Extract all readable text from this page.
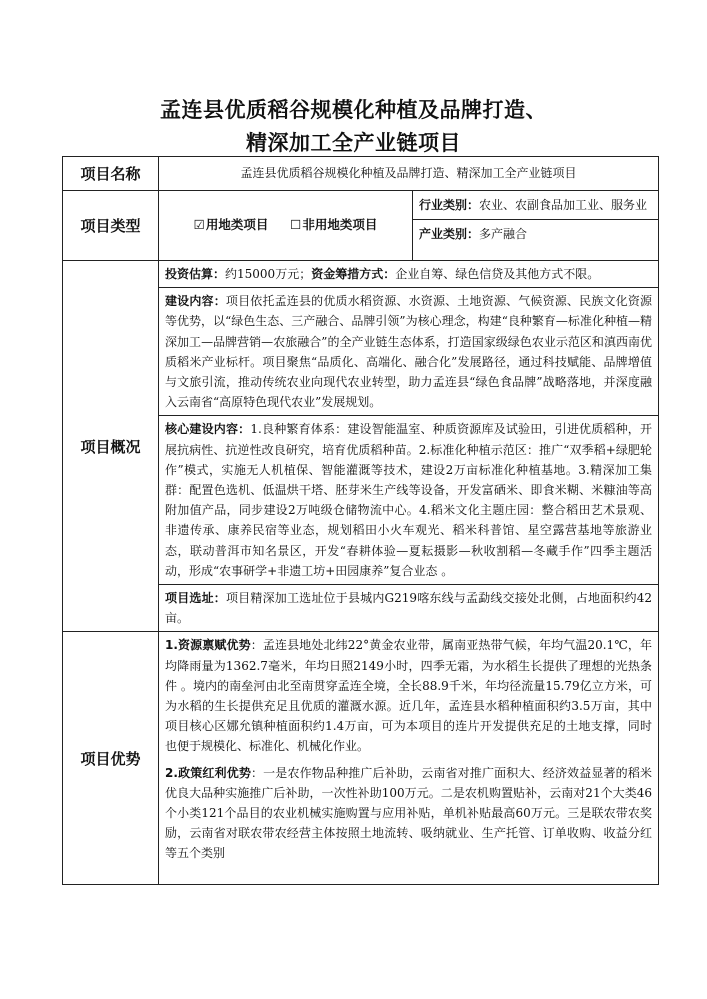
孟连县优质稻谷规模化种植及品牌打造、
精深加工全产业链项目
项目名称	孟连县优质稻谷规模化种植及品牌打造、精深加工全产业链项目	

项目类型	☑用地类项目 ☐非用地类项目	行业类别：农业、农副食品加工业、服务业
产业类别：多产融合

项目概况	投资估算：约15000万元；资金筹措方式：企业自筹、绿色信贷及其他方式不限。
建设内容：项目依托孟连县的优质水稻资源、水资源、土地资源、气候资源、民族文化资源等优势，以“绿色生态、三产融合、品牌引领”为核心理念，构建“良种繁育—标准化种植—精深加工—品牌营销—农旅融合”的全产业链生态体系，打造国家级绿色农业示范区和滇西南优质稻米产业标杆。项目聚焦“品质化、高端化、融合化”发展路径，通过科技赋能、品牌增值与文旅引流，推动传统农业向现代农业转型，助力孟连县“绿色食品牌”战略落地，并深度融入云南省“高原特色现代农业”发展规划。
核心建设内容：1.良种繁育体系：建设智能温室、种质资源库及试验田，引进优质稻种，开展抗病性、抗逆性改良研究，培育优质稻种苗。2.标准化种植示范区：推广“双季稻+绿肥轮作”模式，实施无人机植保、智能灌溉等技术，建设2万亩标准化种植基地。3.精深加工集群：配置色选机、低温烘干塔、胚芽米生产线等设备，开发富硒米、即食米糊、米糠油等高附加值产品，同步建设2万吨级仓储物流中心。4.稻米文化主题庄园：整合稻田艺术景观、非遗传承、康养民宿等业态，规划稻田小火车观光、稻米科普馆、星空露营基地等旅游业态，联动普洱市知名景区，开发“春耕体验—夏耘摄影—秋收割稻—冬藏手作”四季主题活动，形成“农事研学+非遗工坊+田园康养”复合业态 。
项目选址：项目精深加工选址位于县城内G219喀东线与孟勐线交接处北侧，占地面积约42亩。	

项目优势	1.资源禀赋优势：孟连县地处北纬22°黄金农业带，属南亚热带气候，年均气温20.1℃，年均降雨量为1362.7毫米，年均日照2149小时，四季无霜，为水稻生长提供了理想的光热条件 。境内的南垒河由北至南贯穿孟连全境，全长88.9千米，年均径流量15.79亿立方米，可为水稻的生长提供充足且优质的灌溉水源。近几年，孟连县水稻种植面积约3.5万亩，其中项目核心区娜允镇种植面积约1.4万亩，可为本项目的连片开发提供充足的土地支撑，同时也便于规模化、标准化、机械化作业。
2.政策红利优势：一是农作物品种推广后补助，云南省对推广面积大、经济效益显著的稻米优良大品种实施推广后补助，一次性补助100万元。二是农机购置贴补，云南对21个大类46个小类121个品目的农业机械实施购置与应用补贴，单机补贴最高60万元。三是联农带农奖励，云南省对联农带农经营主体按照土地流转、吸纳就业、生产托管、订单收购、收益分红等五个类别	
